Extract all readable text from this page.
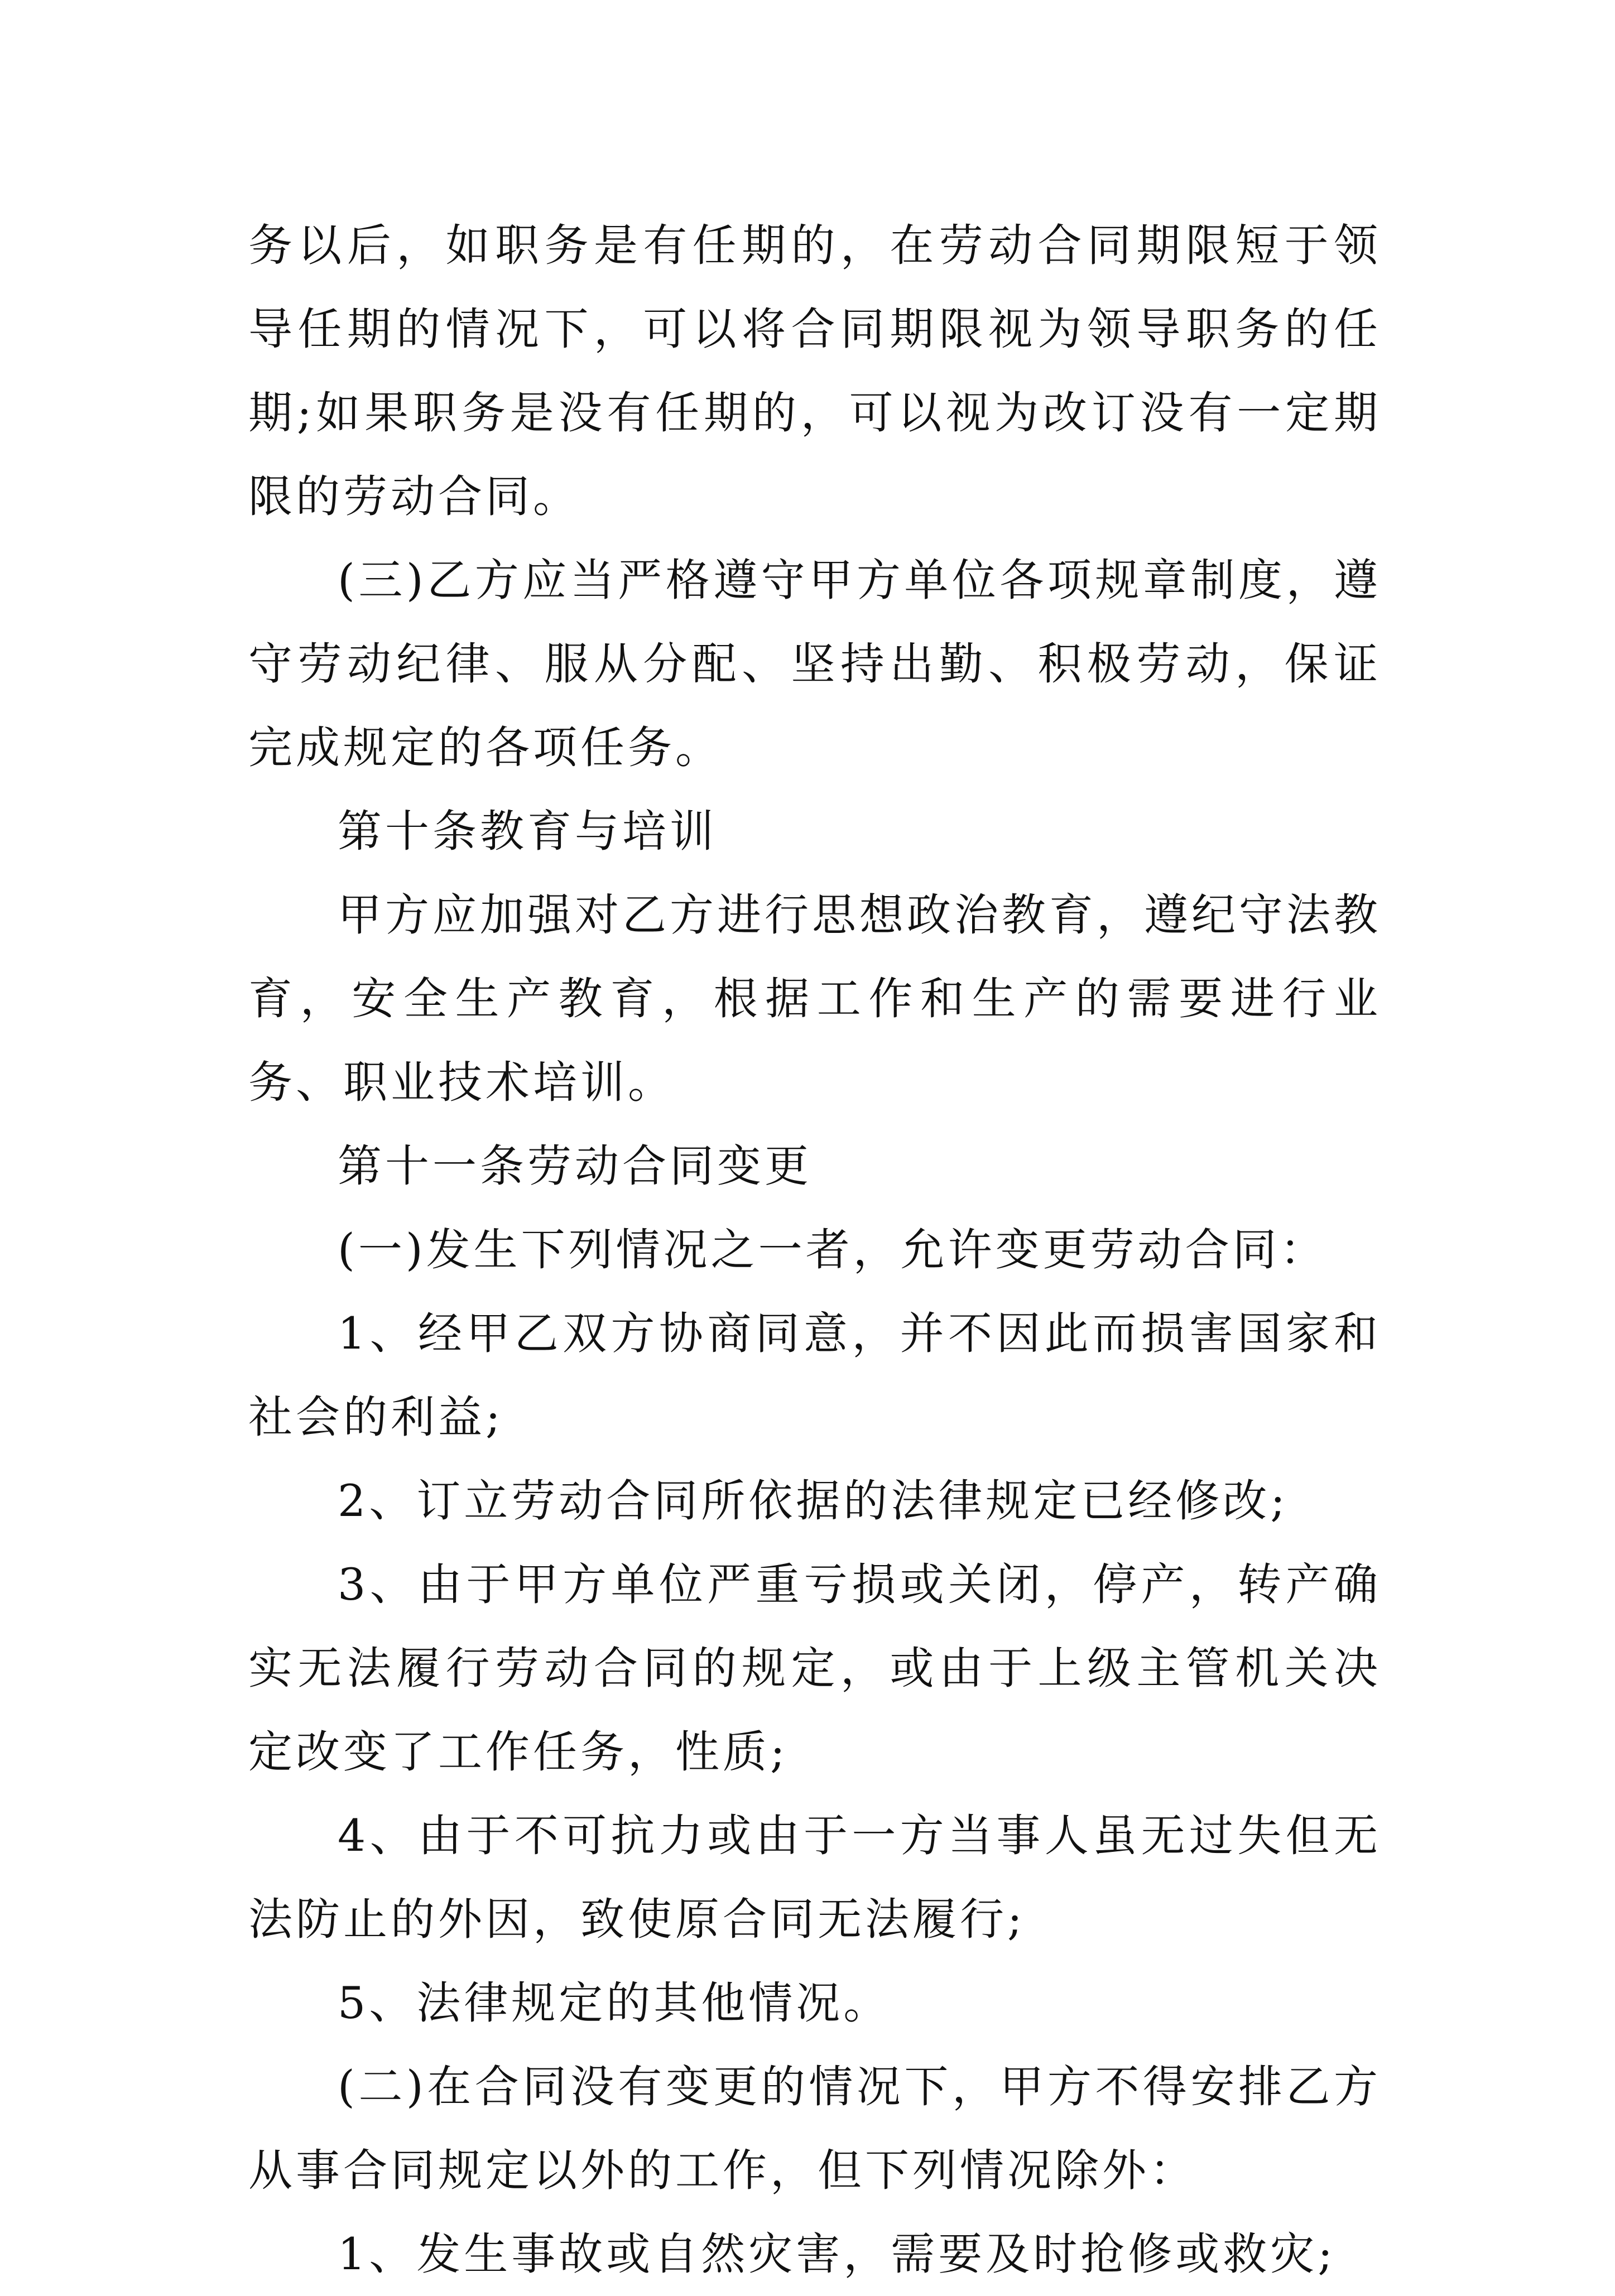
务以后，如职务是有任期的，在劳动合同期限短于领导任期的情况下，可以将合同期限视为领导职务的任期;如果职务是没有任期的，可以视为改订没有一定期限的劳动合同。

(三)乙方应当严格遵守甲方单位各项规章制度，遵守劳动纪律、服从分配、坚持出勤、积极劳动，保证完成规定的各项任务。

第十条教育与培训

甲方应加强对乙方进行思想政治教育，遵纪守法教育，安全生产教育，根据工作和生产的需要进行业务、职业技术培训。

第十一条劳动合同变更

(一)发生下列情况之一者，允许变更劳动合同：

1、经甲乙双方协商同意，并不因此而损害国家和社会的利益;

2、订立劳动合同所依据的法律规定已经修改;

3、由于甲方单位严重亏损或关闭，停产，转产确实无法履行劳动合同的规定，或由于上级主管机关决定改变了工作任务，性质;

4、由于不可抗力或由于一方当事人虽无过失但无法防止的外因，致使原合同无法履行;

5、法律规定的其他情况。

(二)在合同没有变更的情况下，甲方不得安排乙方从事合同规定以外的工作，但下列情况除外：

1、发生事故或自然灾害，需要及时抢修或救灾;
